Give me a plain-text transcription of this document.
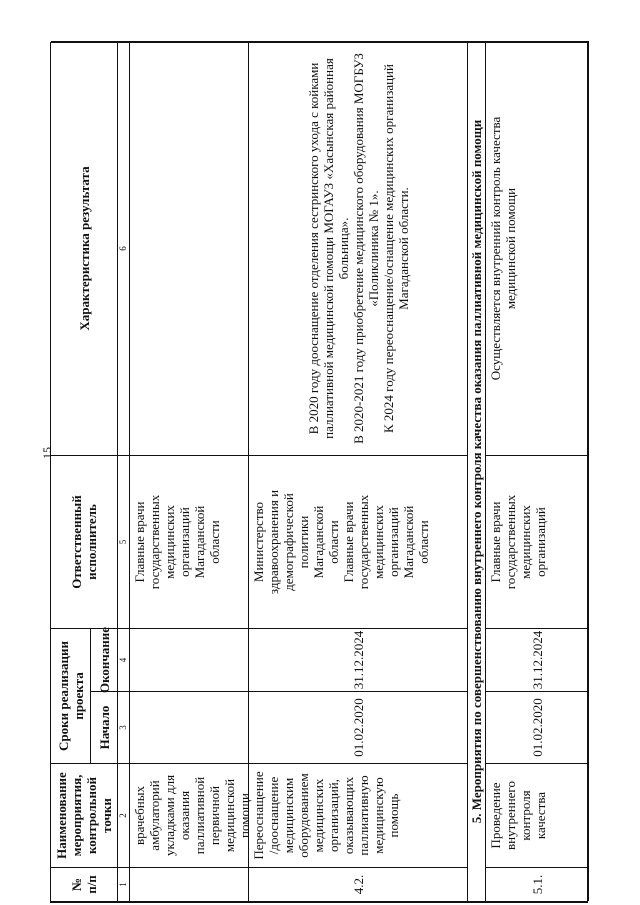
15
№
п/п
Наименование
мероприятия,
контрольной
точки
Сроки реализации
проекта
Начало
Окончание
Ответственный
исполнитель
Характеристика результата
1
2
3
4
5
6
врачебных
амбулаторий
укладками для
оказания
паллиативной
первичной
медицинской
помощи
Главные врачи
государственных
медицинских
организаций
Магаданской
области
4.2.
Переоснащение
/дооснащение
медицинским
оборудованием
медицинских
организаций,
оказывающих
паллиативную
медицинскую
помощь
01.02.2020
31.12.2024
Министерство
здравоохранения и
демографической
политики
Магаданской
области
Главные врачи
государственных
медицинских
организаций
Магаданской
области
В 2020 году дооснащение отделения сестринского ухода с койками паллиативной медицинской помощи МОГАУЗ «Хасынская районная больница».
В 2020-2021 году приобретение медицинского оборудования МОГБУЗ «Поликлиника № 1».
К 2024 году переоснащение/оснащение медицинских организаций Магаданской области.	5. Мероприятия по совершенствованию внутреннего контроля качества оказания паллиативной медицинской помощи
5.1.
Проведение
внутреннего
контроля
качества
01.02.2020
31.12.2024
Главные врачи
государственных
медицинских
организаций
Осуществляется внутренний контроль качества
медицинской помощи
